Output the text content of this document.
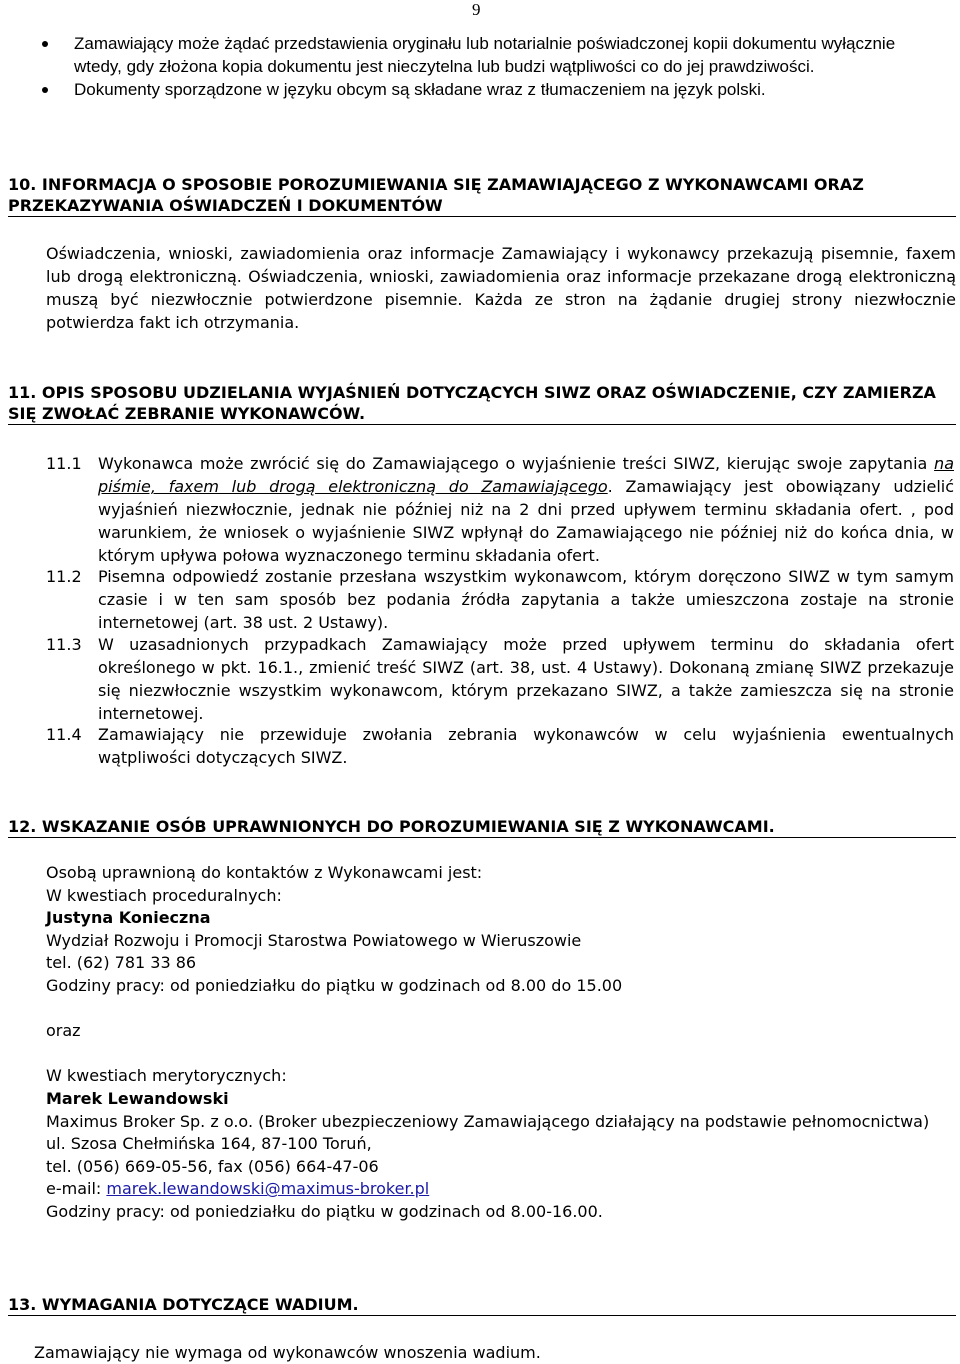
9
Zamawiający może żądać przedstawienia oryginału lub notarialnie poświadczonej kopii dokumentu wyłącznie wtedy, gdy złożona kopia dokumentu jest nieczytelna lub budzi wątpliwości co do jej prawdziwości.
Dokumenty sporządzone w języku obcym są składane wraz z tłumaczeniem na język polski.
10. INFORMACJA O SPOSOBIE POROZUMIEWANIA SIĘ ZAMAWIAJĄCEGO Z WYKONAWCAMI ORAZ PRZEKAZYWANIA OŚWIADCZEŃ I DOKUMENTÓW
Oświadczenia, wnioski, zawiadomienia oraz informacje Zamawiający i wykonawcy przekazują pisemnie, faxem lub drogą elektroniczną. Oświadczenia, wnioski, zawiadomienia oraz informacje przekazane drogą elektroniczną muszą być niezwłocznie potwierdzone pisemnie. Każda ze stron na żądanie drugiej strony niezwłocznie potwierdza fakt ich otrzymania.
11. OPIS SPOSOBU UDZIELANIA WYJAŚNIEŃ DOTYCZĄCYCH SIWZ ORAZ OŚWIADCZENIE, CZY ZAMIERZA SIĘ ZWOŁAĆ ZEBRANIE WYKONAWCÓW.
11.1 Wykonawca może zwrócić się do Zamawiającego o wyjaśnienie treści SIWZ, kierując swoje zapytania na piśmie, faxem lub drogą elektroniczną do Zamawiającego. Zamawiający jest obowiązany udzielić wyjaśnień niezwłocznie, jednak nie później niż na 2 dni przed upływem terminu składania ofert. , pod warunkiem, że wniosek o wyjaśnienie SIWZ wpłynął do Zamawiającego nie później niż do końca dnia, w którym upływa połowa wyznaczonego terminu składania ofert.
11.2 Pisemna odpowiedź zostanie przesłana wszystkim wykonawcom, którym doręczono SIWZ w tym samym czasie i w ten sam sposób bez podania źródła zapytania a także umieszczona zostaje na stronie internetowej (art. 38 ust. 2 Ustawy).
11.3 W uzasadnionych przypadkach Zamawiający może przed upływem terminu do składania ofert określonego w pkt. 16.1., zmienić treść SIWZ (art. 38, ust. 4 Ustawy). Dokonaną zmianę SIWZ przekazuje się niezwłocznie wszystkim wykonawcom, którym przekazano SIWZ, a także zamieszcza się na stronie internetowej.
11.4 Zamawiający nie przewiduje zwołania zebrania wykonawców w celu wyjaśnienia ewentualnych wątpliwości dotyczących SIWZ.
12. WSKAZANIE OSÓB UPRAWNIONYCH DO POROZUMIEWANIA SIĘ Z WYKONAWCAMI.
Osobą uprawnioną do kontaktów z Wykonawcami jest:
W kwestiach proceduralnych:
Justyna Konieczna
Wydział Rozwoju i Promocji Starostwa Powiatowego w Wieruszowie
tel. (62) 781 33 86
Godziny pracy: od poniedziałku do piątku w godzinach od 8.00 do 15.00
oraz
W kwestiach merytorycznych:
Marek Lewandowski
Maximus Broker Sp. z o.o. (Broker ubezpieczeniowy Zamawiającego działający na podstawie pełnomocnictwa)
ul. Szosa Chełmińska 164, 87-100 Toruń,
tel. (056) 669-05-56, fax (056) 664-47-06
e-mail: marek.lewandowski@maximus-broker.pl
Godziny pracy: od poniedziałku do piątku w godzinach od 8.00-16.00.
13. WYMAGANIA DOTYCZĄCE WADIUM.
Zamawiający nie wymaga od wykonawców wnoszenia wadium.
